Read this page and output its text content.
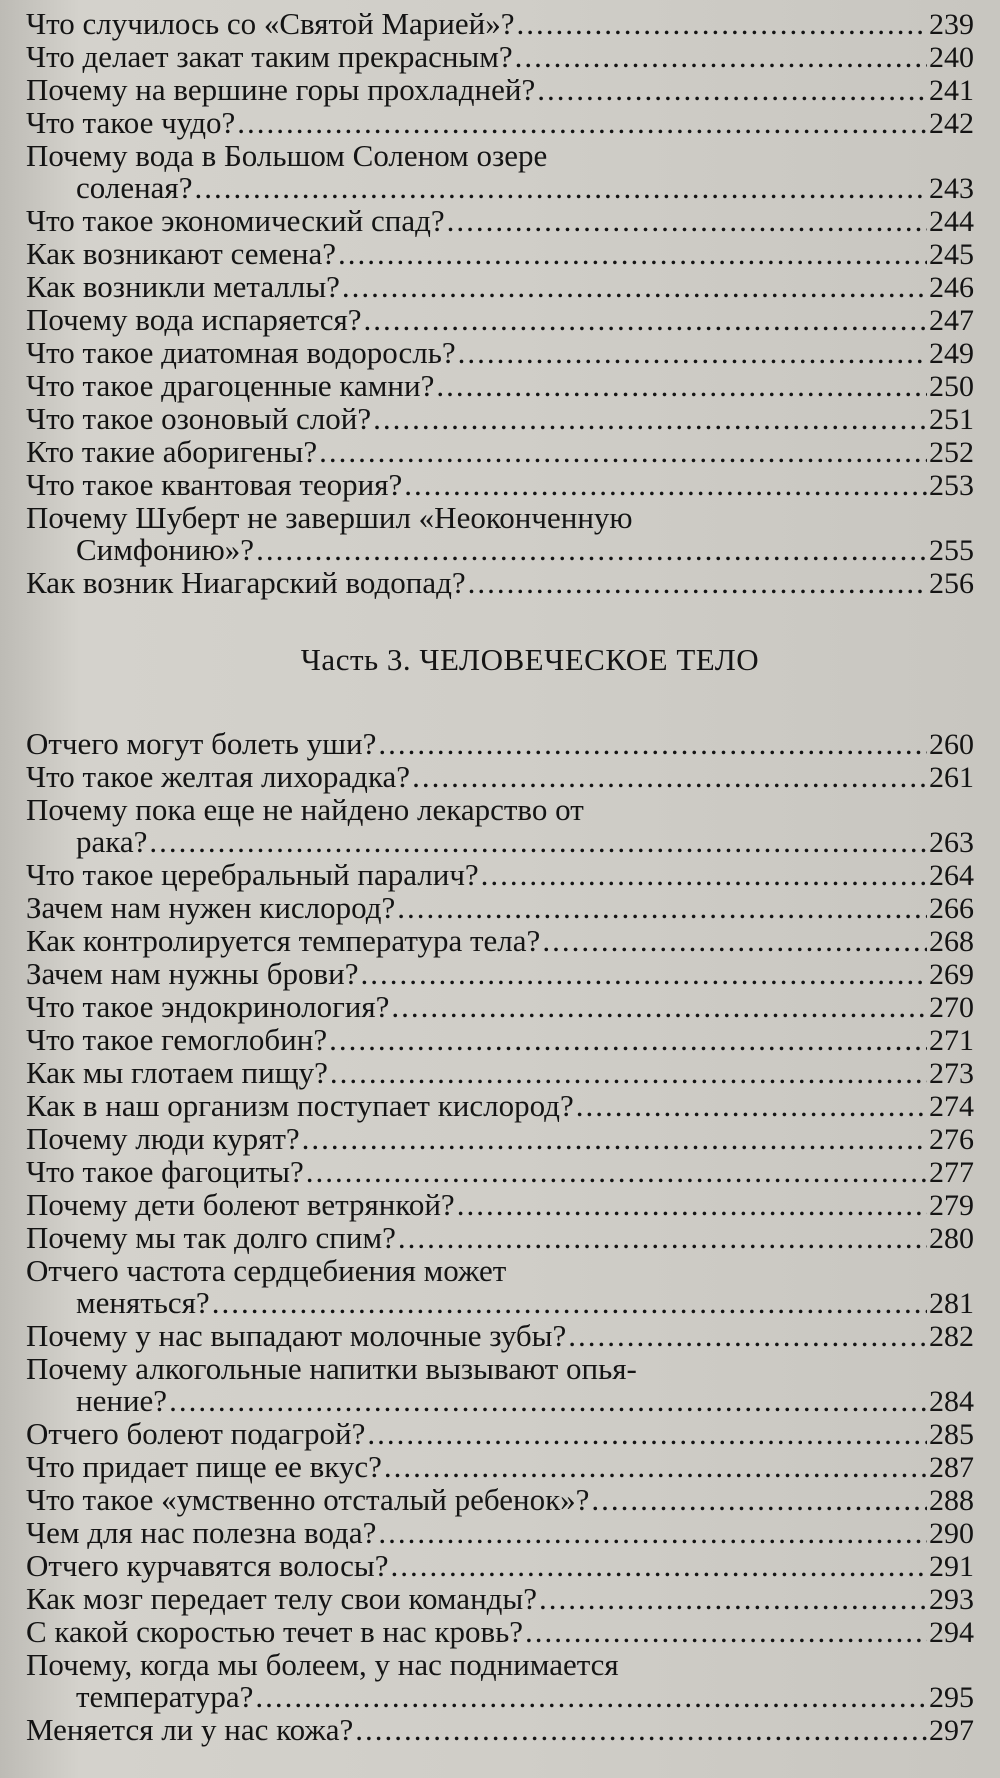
Что случилось со «Святой Марией»? .....	239
Что делает закат таким прекрасным? .....	240
Почему на вершине горы прохладней? .....	241
Что такое чудо? .....	242
Почему вода в Большом Соленом озере
соленая? .....	243
Что такое экономический спад? .....	244
Как возникают семена? .....	245
Как возникли металлы? .....	246
Почему вода испаряется? .....	247
Что такое диатомная водоросль? .....	249
Что такое драгоценные камни? .....	250
Что такое озоновый слой? .....	251
Кто такие аборигены? .....	252
Что такое квантовая теория? .....	253
Почему Шуберт не завершил «Неоконченную
Симфонию»? .....	255
Как возник Ниагарский водопад? .....	256
Часть 3. ЧЕЛОВЕЧЕСКОЕ ТЕЛО
Отчего могут болеть уши? .....	260
Что такое желтая лихорадка? .....	261
Почему пока еще не найдено лекарство от
рака? .....	263
Что такое церебральный паралич? .....	264
Зачем нам нужен кислород? .....	266
Как контролируется температура тела? .....	268
Зачем нам нужны брови? .....	269
Что такое эндокринология? .....	270
Что такое гемоглобин? .....	271
Как мы глотаем пищу? .....	273
Как в наш организм поступает кислород? .....	274
Почему люди курят? .....	276
Что такое фагоциты? .....	277
Почему дети болеют ветрянкой? .....	279
Почему мы так долго спим? .....	280
Отчего частота сердцебиения может
меняться? .....	281
Почему у нас выпадают молочные зубы? .....	282
Почему алкогольные напитки вызывают опья-
нение? .....	284
Отчего болеют подагрой? .....	285
Что придает пище ее вкус? .....	287
Что такое «умственно отсталый ребенок»? .....	288
Чем для нас полезна вода? .....	290
Отчего курчавятся волосы? .....	291
Как мозг передает телу свои команды? .....	293
С какой скоростью течет в нас кровь? .....	294
Почему, когда мы болеем, у нас поднимается
температура? .....	295
Меняется ли у нас кожа? .....	297
